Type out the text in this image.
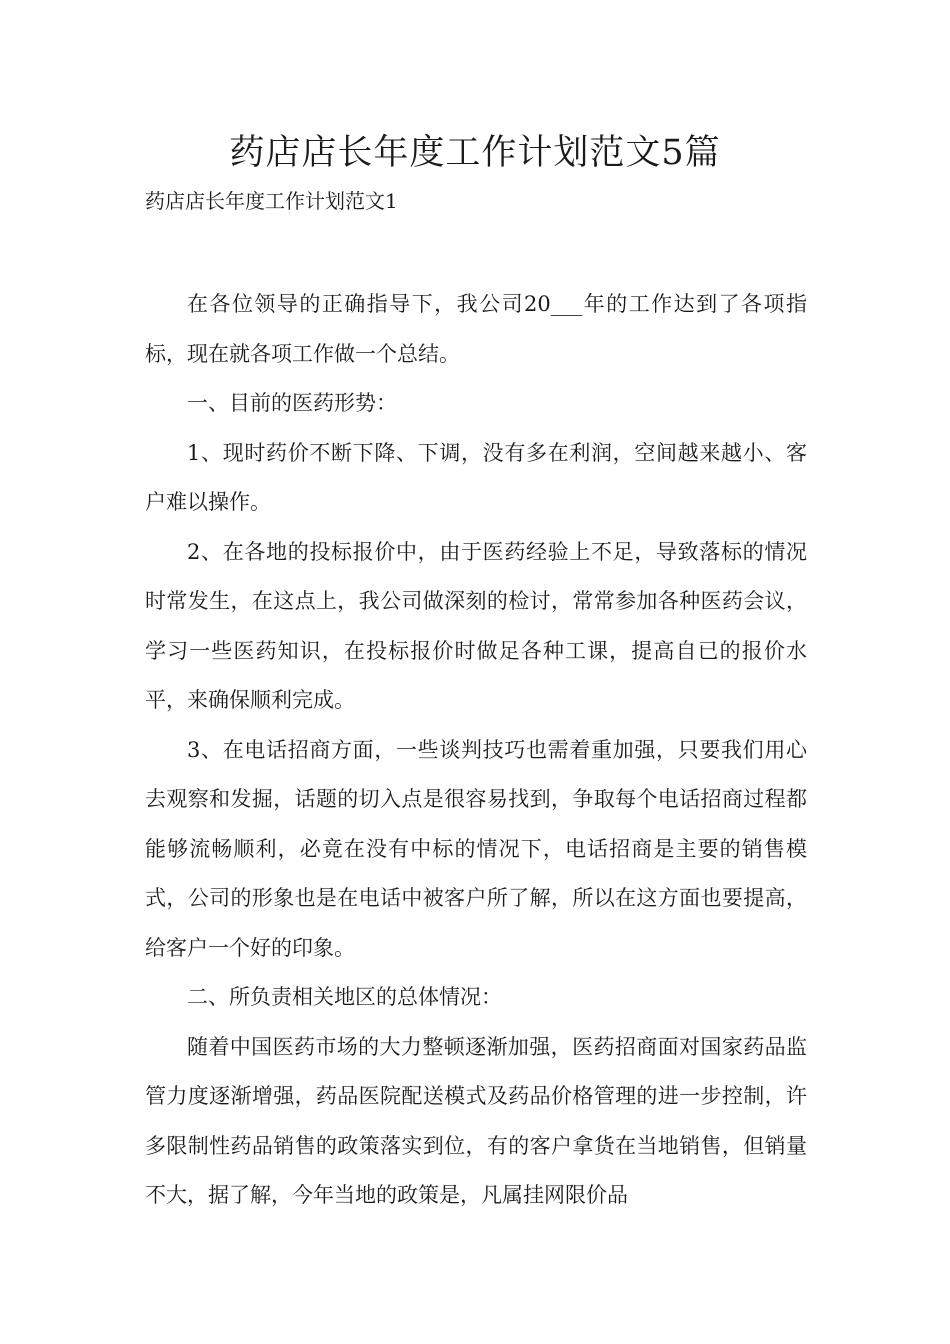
药店店长年度工作计划范文5篇

药店店长年度工作计划范文1

在各位领导的正确指导下，我公司20___年的工作达到了各项指标，现在就各项工作做一个总结。

一、目前的医药形势：

1、现时药价不断下降、下调，没有多在利润，空间越来越小、客户难以操作。

2、在各地的投标报价中，由于医药经验上不足，导致落标的情况时常发生，在这点上，我公司做深刻的检讨，常常参加各种医药会议，学习一些医药知识，在投标报价时做足各种工课，提高自已的报价水平，来确保顺利完成。

3、在电话招商方面，一些谈判技巧也需着重加强，只要我们用心去观察和发掘，话题的切入点是很容易找到，争取每个电话招商过程都能够流畅顺利，必竟在没有中标的情况下，电话招商是主要的销售模式，公司的形象也是在电话中被客户所了解，所以在这方面也要提高，给客户一个好的印象。

二、所负责相关地区的总体情况：

随着中国医药市场的大力整顿逐渐加强，医药招商面对国家药品监管力度逐渐增强，药品医院配送模式及药品价格管理的进一步控制，许多限制性药品销售的政策落实到位，有的客户拿货在当地销售，但销量不大，据了解，今年当地的政策是，凡属挂网限价品
